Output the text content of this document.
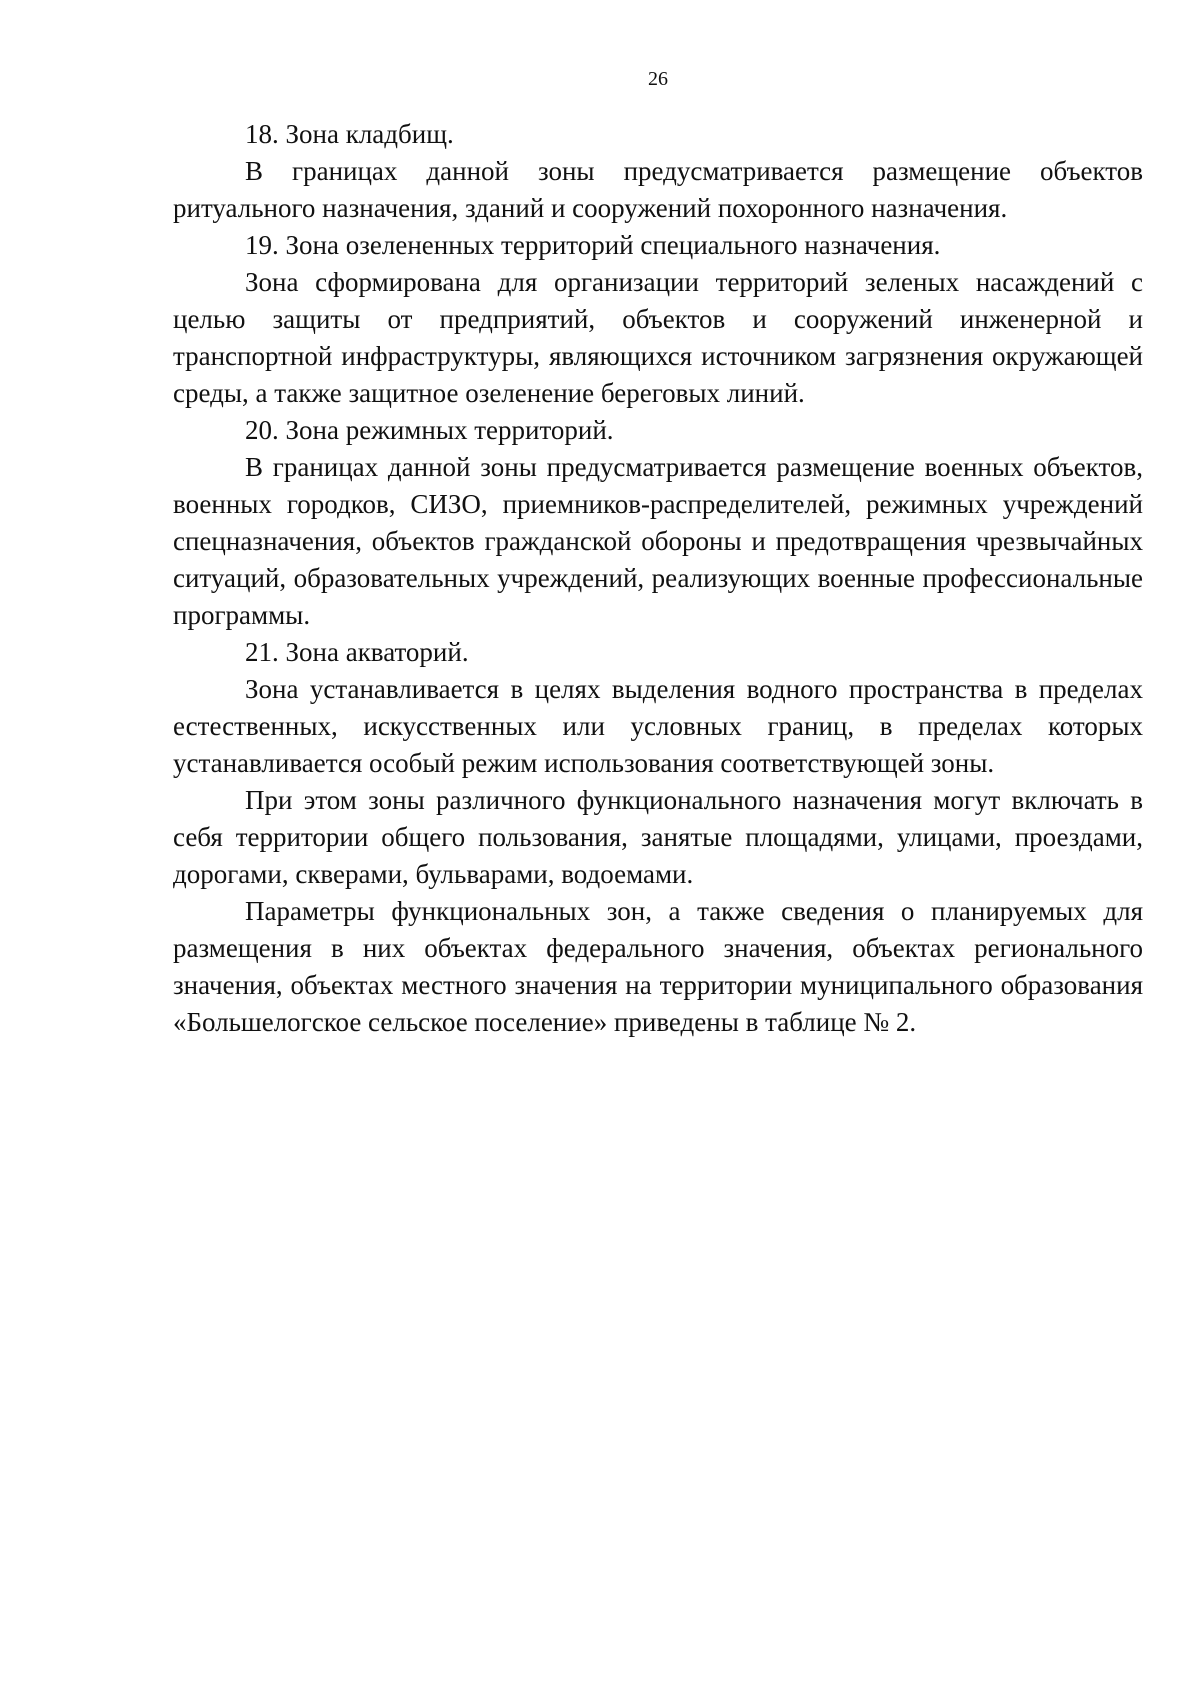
26

18. Зона кладбищ.

В границах данной зоны предусматривается размещение объектов ритуального назначения, зданий и сооружений похоронного назначения.

19. Зона озелененных территорий специального назначения.

Зона сформирована для организации территорий зеленых насаждений с целью защиты от предприятий, объектов и сооружений инженерной и транспортной инфраструктуры, являющихся источником загрязнения окружающей среды, а также защитное озеленение береговых линий.

20. Зона режимных территорий.

В границах данной зоны предусматривается размещение военных объектов, военных городков, СИЗО, приемников-распределителей, режимных учреждений спецназначения, объектов гражданской обороны и предотвращения чрезвычайных ситуаций, образовательных учреждений, реализующих военные профессиональные программы.

21. Зона акваторий.

Зона устанавливается в целях выделения водного пространства в пределах естественных, искусственных или условных границ, в пределах которых устанавливается особый режим использования соответствующей зоны.

При этом зоны различного функционального назначения могут включать в себя территории общего пользования, занятые площадями, улицами, проездами, дорогами, скверами, бульварами, водоемами.

Параметры функциональных зон, а также сведения о планируемых для размещения в них объектах федерального значения, объектах регионального значения, объектах местного значения на территории муниципального образования «Большелогское сельское поселение» приведены в таблице № 2.
